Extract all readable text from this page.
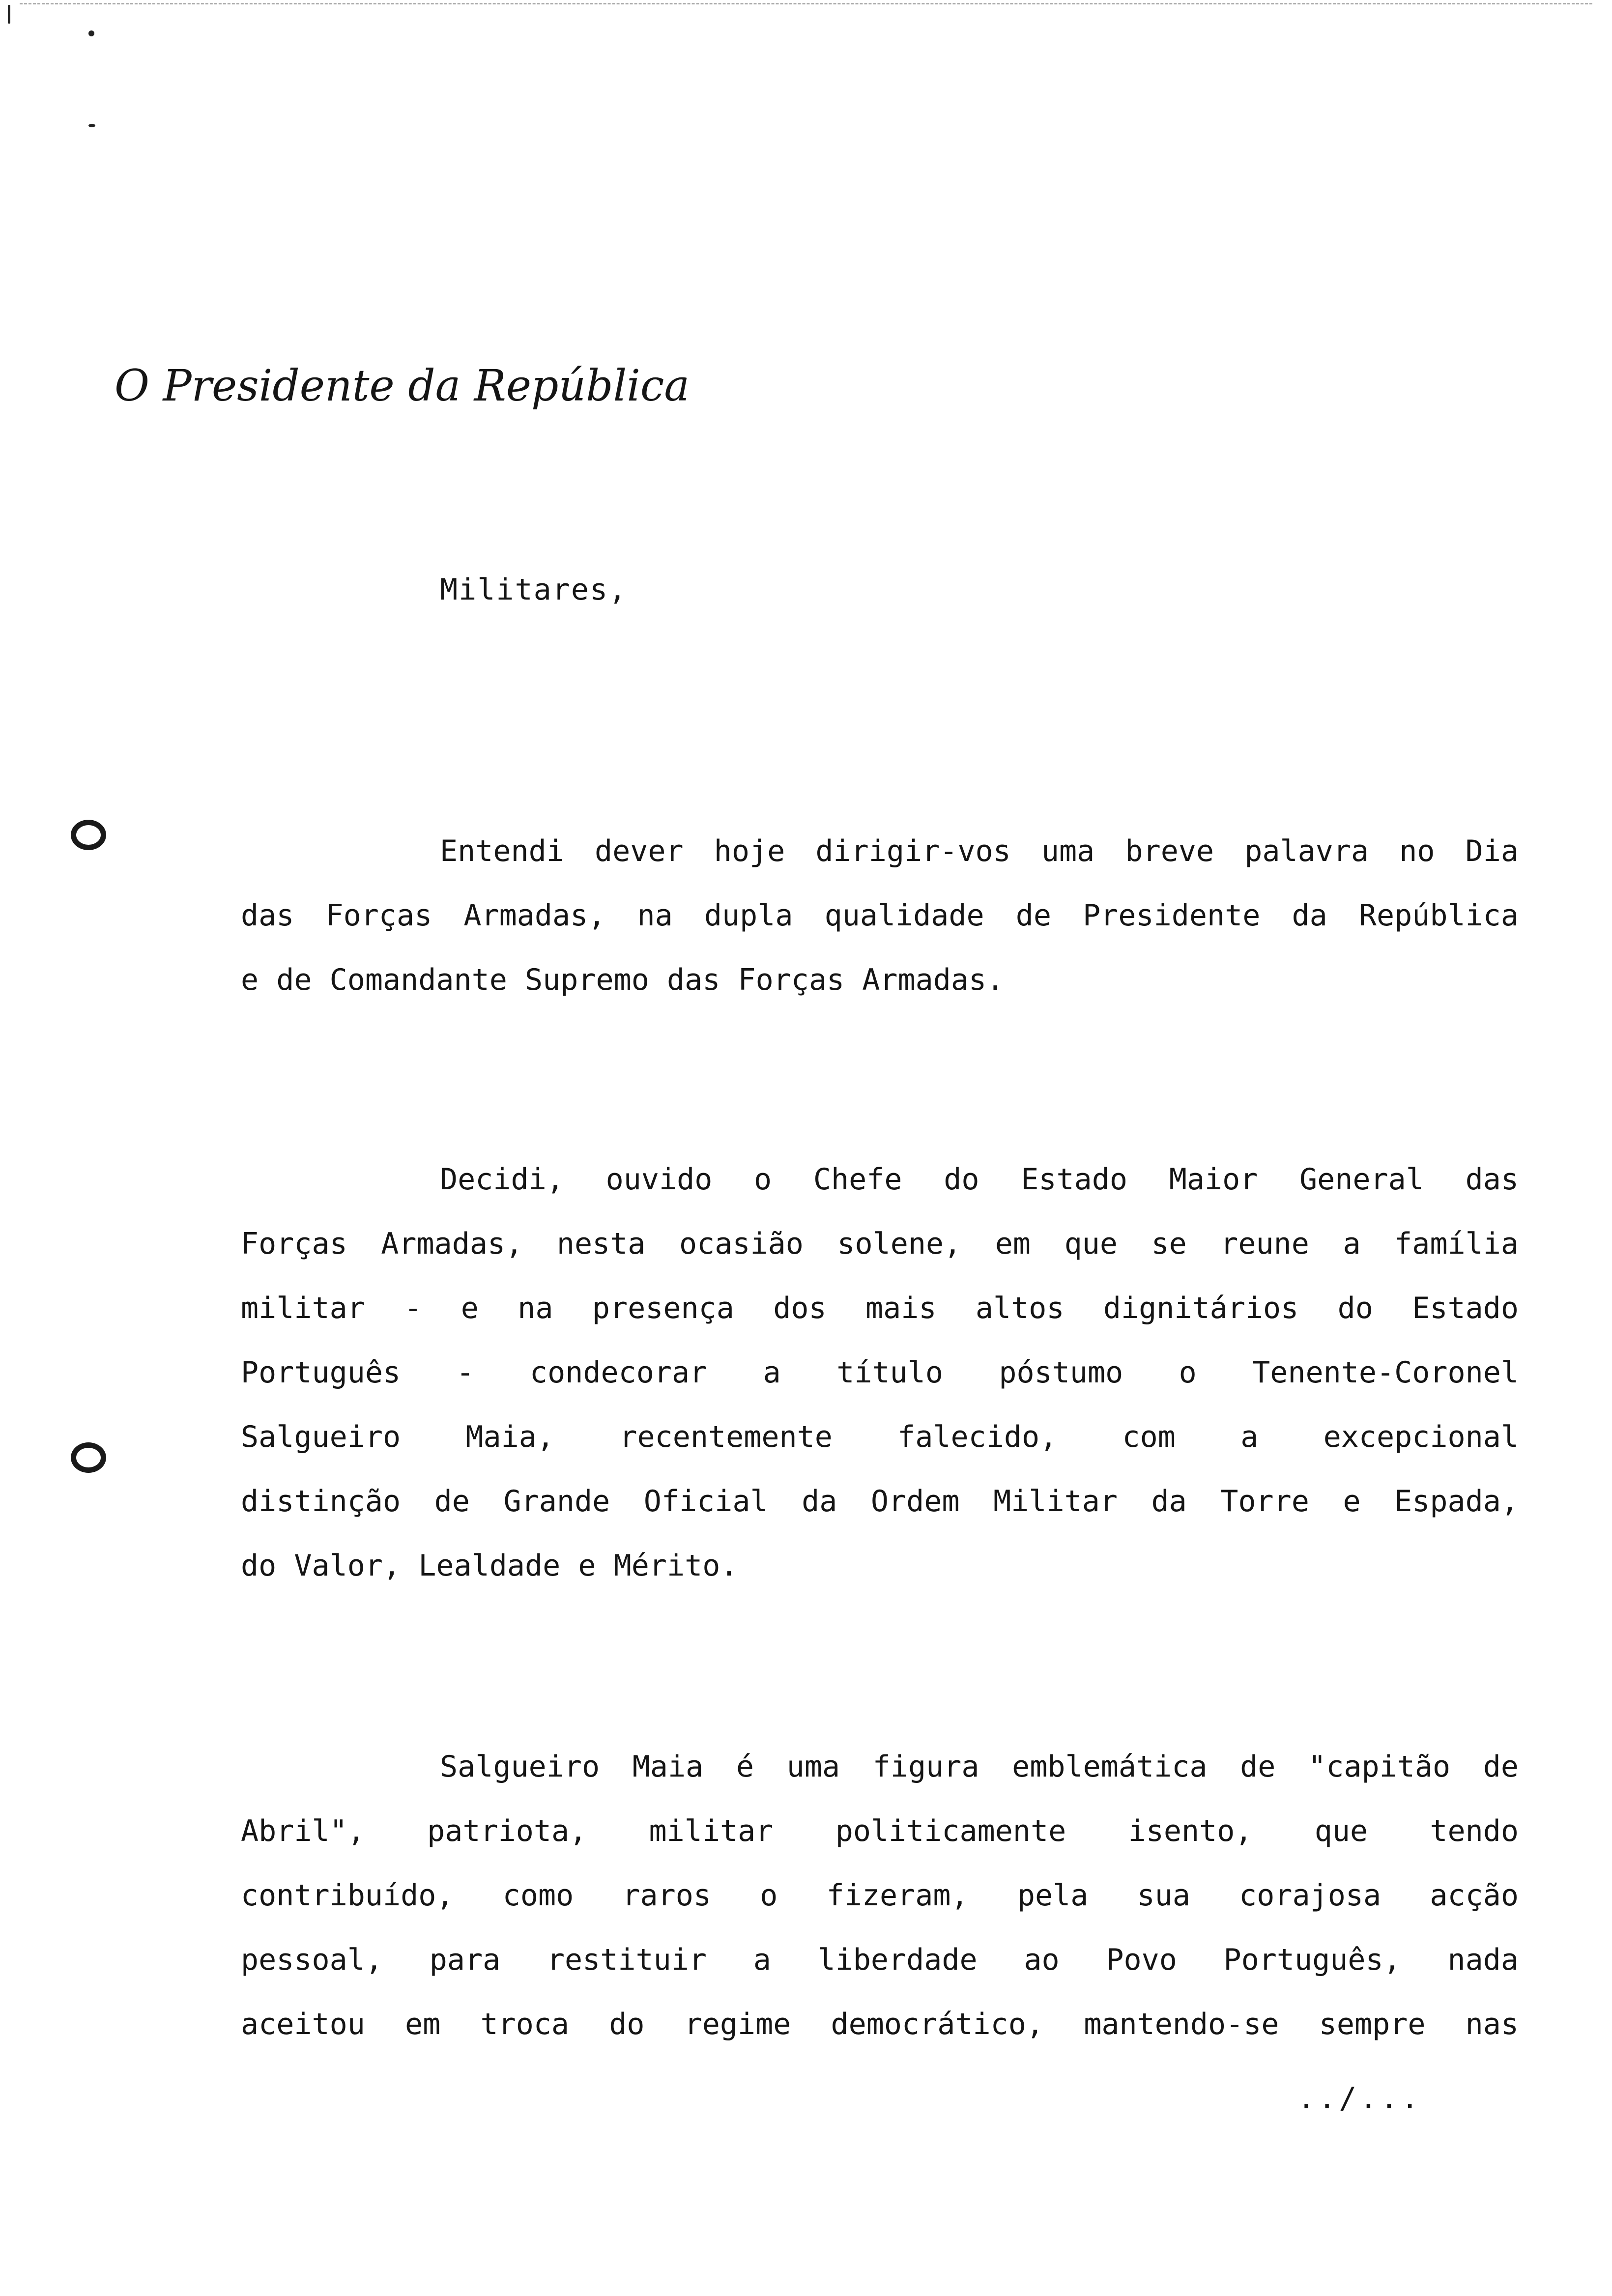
O Presidente da República
Militares,
Entendi dever hoje dirigir-vos uma breve palavra no Dia
das Forças Armadas, na dupla qualidade de Presidente da República
e de Comandante Supremo das Forças Armadas.
Decidi, ouvido o Chefe do Estado Maior General das
Forças Armadas, nesta ocasião solene, em que se reune a família
militar - e na presença dos mais altos dignitários do Estado
Português - condecorar a título póstumo o Tenente-Coronel
Salgueiro Maia, recentemente falecido, com a excepcional
distinção de Grande Oficial da Ordem Militar da Torre e Espada,
do Valor, Lealdade e Mérito.
Salgueiro Maia é uma figura emblemática de "capitão de
Abril", patriota, militar politicamente isento, que tendo
contribuído, como raros o fizeram, pela sua corajosa acção
pessoal, para restituir a liberdade ao Povo Português, nada
aceitou em troca do regime democrático, mantendo-se sempre nas
../...
